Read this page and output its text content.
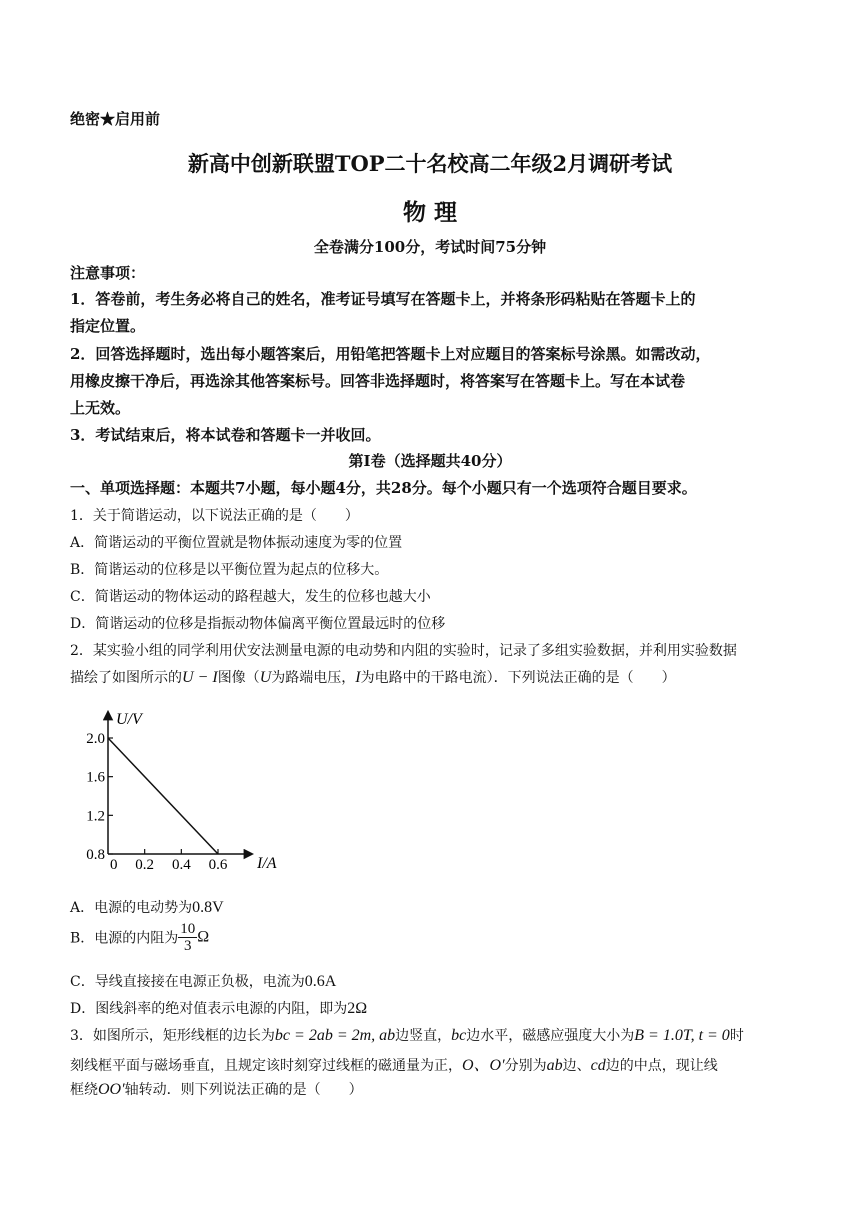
绝密★启用前
新高中创新联盟TOP二十名校高二年级2月调研考试
物 理
全卷满分100分，考试时间75分钟
注意事项：
1．答卷前，考生务必将自己的姓名，准考证号填写在答题卡上，并将条形码粘贴在答题卡上的
指定位置。
2．回答选择题时，选出每小题答案后，用铅笔把答题卡上对应题目的答案标号涂黑。如需改动，
用橡皮擦干净后，再选涂其他答案标号。回答非选择题时，将答案写在答题卡上。写在本试卷
上无效。
3．考试结束后，将本试卷和答题卡一并收回。
第Ⅰ卷（选择题共40分）
一、单项选择题：本题共7小题，每小题4分，共28分。每个小题只有一个选项符合题目要求。
1．关于简谐运动，以下说法正确的是（　　）
A．简谐运动的平衡位置就是物体振动速度为零的位置
B．简谐运动的位移是以平衡位置为起点的位移大。
C．简谐运动的物体运动的路程越大，发生的位移也越大小
D．简谐运动的位移是指振动物体偏离平衡位置最远时的位移
2．某实验小组的同学利用伏安法测量电源的电动势和内阻的实验时，记录了多组实验数据，并利用实验数据
描绘了如图所示的U − I图像（U为路端电压，I为电路中的干路电流）．下列说法正确的是（　　）
0.8
1.2
1.6
2.0
0 0.2 0.4 0.6
U/V
I/A
A．电源的电动势为0.8V
B．电源的内阻为 $\frac{10}{3}$ Ω
C．导线直接接在电源正负极，电流为0.6A
D．图线斜率的绝对值表示电源的内阻，即为2Ω
3．如图所示，矩形线框的边长为bc = 2ab = 2m, ab边竖直，bc边水平，磁感应强度大小为B = 1.0T, t = 0时
刻线框平面与磁场垂直，且规定该时刻穿过线框的磁通量为正，O、O′分别为ab边、cd边的中点，现让线
框绕OO′轴转动．则下列说法正确的是（　　）
